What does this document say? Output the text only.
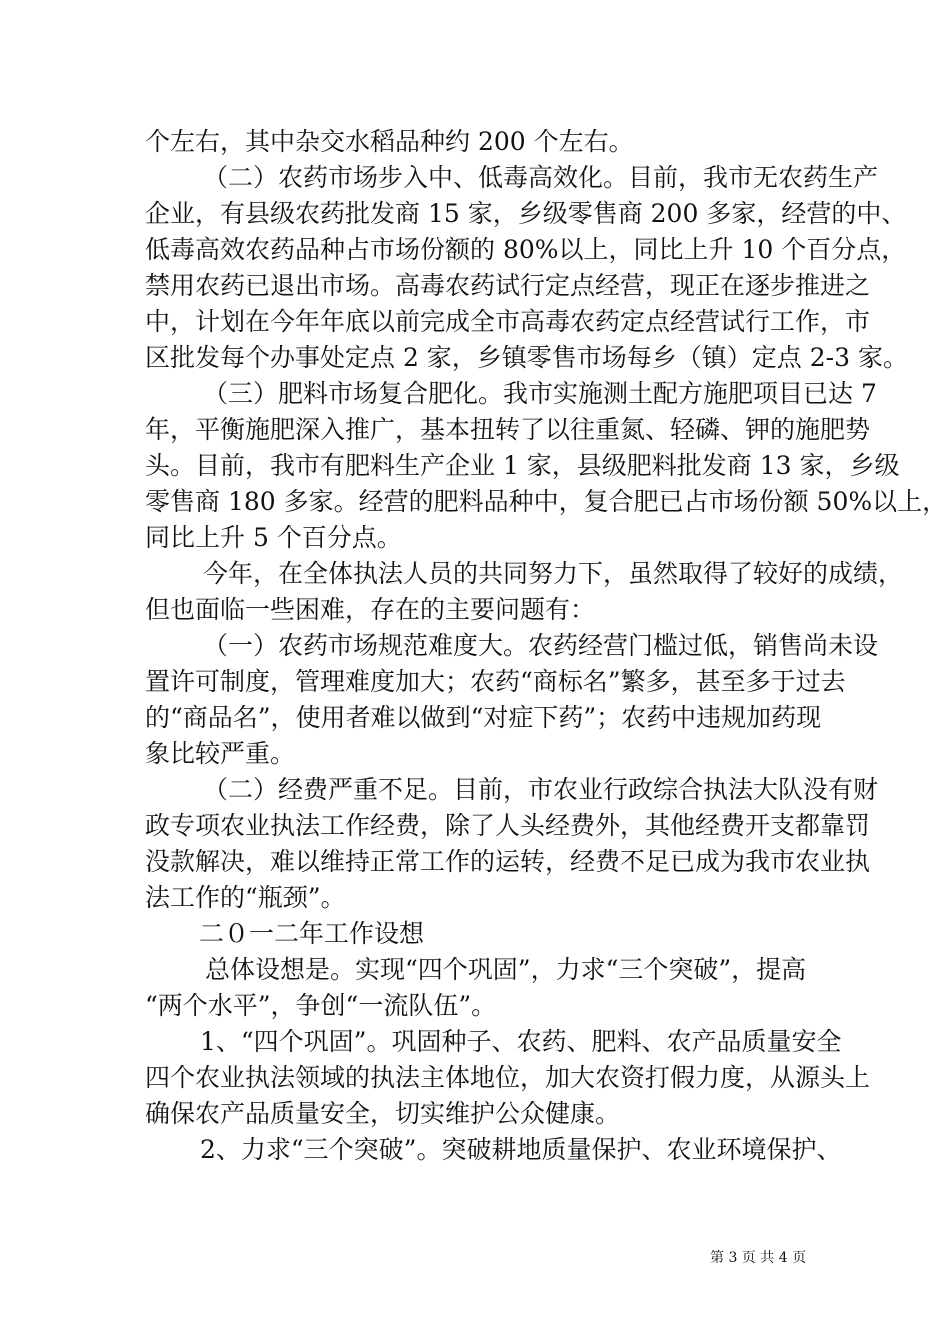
个左右，其中杂交水稻品种约 200 个左右。
（二）农药市场步入中、低毒高效化。目前，我市无农药生产
企业，有县级农药批发商 15 家，乡级零售商 200 多家，经营的中、
低毒高效农药品种占市场份额的 80%以上，同比上升 10 个百分点，
禁用农药已退出市场。高毒农药试行定点经营，现正在逐步推进之
中，计划在今年年底以前完成全市高毒农药定点经营试行工作，市
区批发每个办事处定点 2 家，乡镇零售市场每乡（镇）定点 2-3 家。
（三）肥料市场复合肥化。我市实施测土配方施肥项目已达 7
年，平衡施肥深入推广，基本扭转了以往重氮、轻磷、钾的施肥势
头。目前，我市有肥料生产企业 1 家，县级肥料批发商 13 家，乡级
零售商 180 多家。经营的肥料品种中，复合肥已占市场份额 50%以上，
同比上升 5 个百分点。
今年，在全体执法人员的共同努力下，虽然取得了较好的成绩，
但也面临一些困难，存在的主要问题有：
（一）农药市场规范难度大。农药经营门槛过低，销售尚未设
置许可制度，管理难度加大；农药“商标名”繁多，甚至多于过去
的“商品名”，使用者难以做到“对症下药”；农药中违规加药现
象比较严重。
（二）经费严重不足。目前，市农业行政综合执法大队没有财
政专项农业执法工作经费，除了人头经费外，其他经费开支都靠罚
没款解决，难以维持正常工作的运转，经费不足已成为我市农业执
法工作的“瓶颈”。
二０一二年工作设想
总体设想是。实现“四个巩固”，力求“三个突破”，提高
“两个水平”，争创“一流队伍”。
1、“四个巩固”。巩固种子、农药、肥料、农产品质量安全
四个农业执法领域的执法主体地位，加大农资打假力度，从源头上
确保农产品质量安全，切实维护公众健康。
2、力求“三个突破”。突破耕地质量保护、农业环境保护、
第 3 页 共 4 页
